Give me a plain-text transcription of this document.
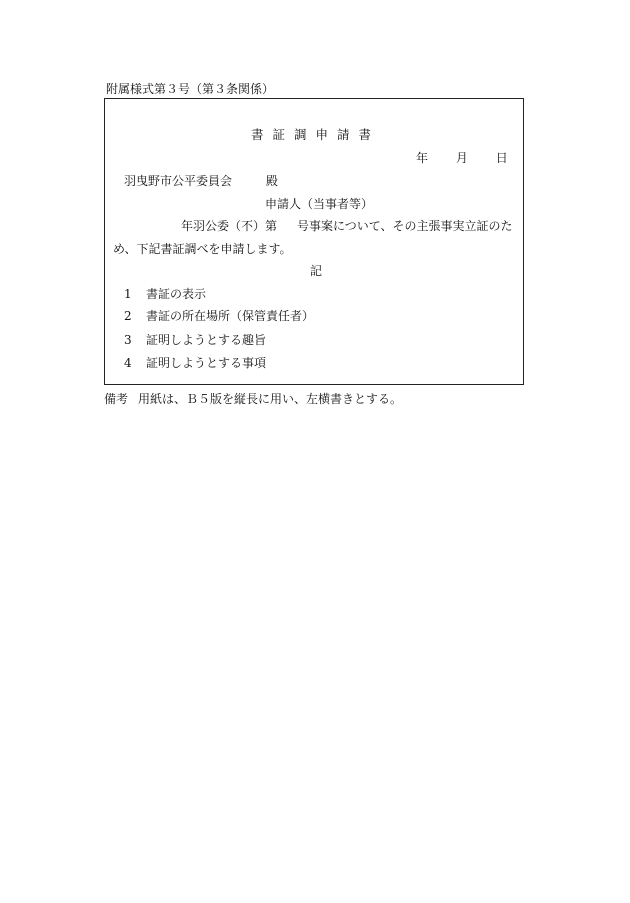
附属様式第３号（第３条関係）
書証調申請書
年 月 日
羽曳野市公平委員会	殿
申請人（当事者等）
年羽公委（不）第 号事案について、その主張事実立証のため、下記書証調べを申請します。
記
1 書証の表示
2 書証の所在場所（保管責任者）
3 証明しようとする趣旨
4 証明しようとする事項
備考 用紙は、Ｂ５版を縦長に用い、左横書きとする。
